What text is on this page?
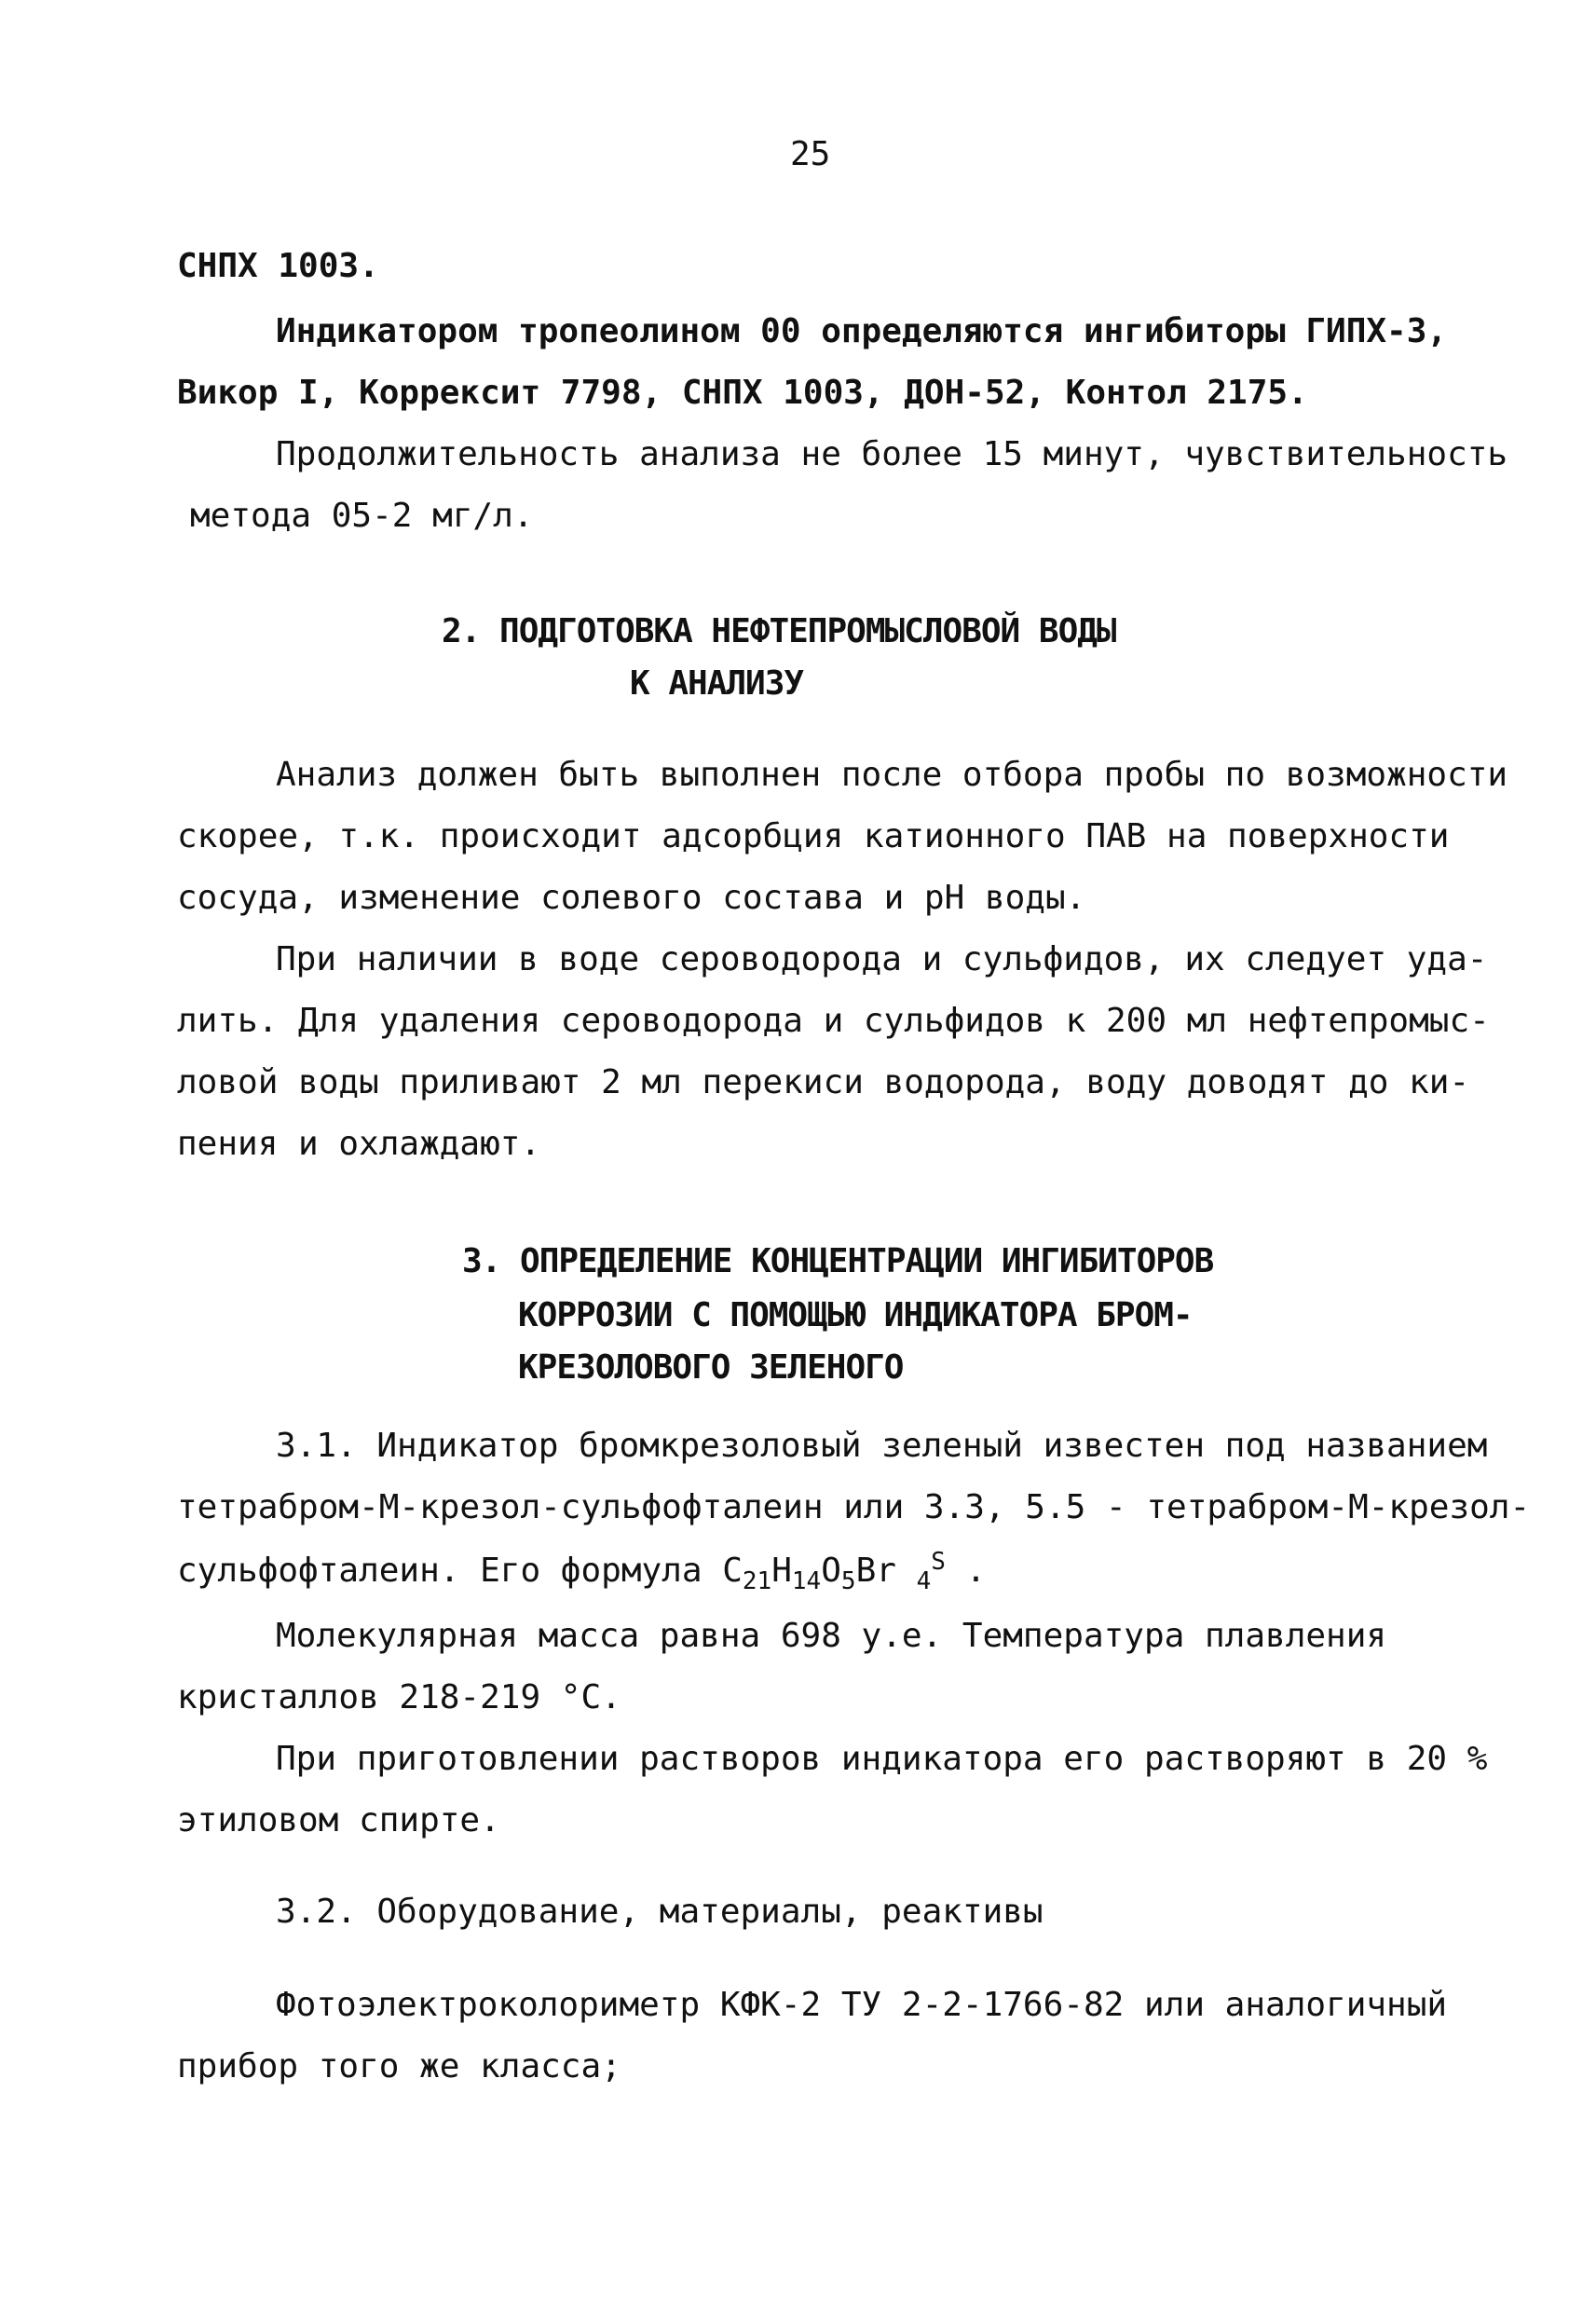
25
СНПХ 1003.
Индикатором тропеолином 00 определяются ингибиторы ГИПХ-3,
Викор I, Коррексит 7798, СНПХ 1003, ДОН-52, Контол 2175.
Продолжительность анализа не более 15 минут, чувствительность
метода 05-2 мг/л.
2. ПОДГОТОВКА НЕФТЕПРОМЫСЛОВОЙ ВОДЫ
К АНАЛИЗУ
Анализ должен быть выполнен после отбора пробы по возможности
скорее, т.к. происходит адсорбция катионного ПАВ на поверхности
сосуда, изменение солевого состава и pH воды.
При наличии в воде сероводорода и сульфидов, их следует уда-
лить. Для удаления сероводорода и сульфидов к 200 мл нефтепромыс-
ловой воды приливают 2 мл перекиси водорода, воду доводят до ки-
пения и охлаждают.
3. ОПРЕДЕЛЕНИЕ КОНЦЕНТРАЦИИ ИНГИБИТОРОВ
КОРРОЗИИ С ПОМОЩЬЮ ИНДИКАТОРА БРОМ-
КРЕЗОЛОВОГО ЗЕЛЕНОГО
3.1. Индикатор бромкрезоловый зеленый известен под названием
тетрабром-М-крезол-сульфофталеин или 3.3, 5.5 - тетрабром-М-крезол-
сульфофталеин. Его формула $C_{21}H_{14}O_5Br$ $_4^S$ .
Молекулярная масса равна 698 у.е. Температура плавления
кристаллов 218-219 °С.
При приготовлении растворов индикатора его растворяют в 20 %
этиловом спирте.
3.2. Оборудование, материалы, реактивы
Фотоэлектроколориметр КФК-2 ТУ 2-2-1766-82 или аналогичный
прибор того же класса;
